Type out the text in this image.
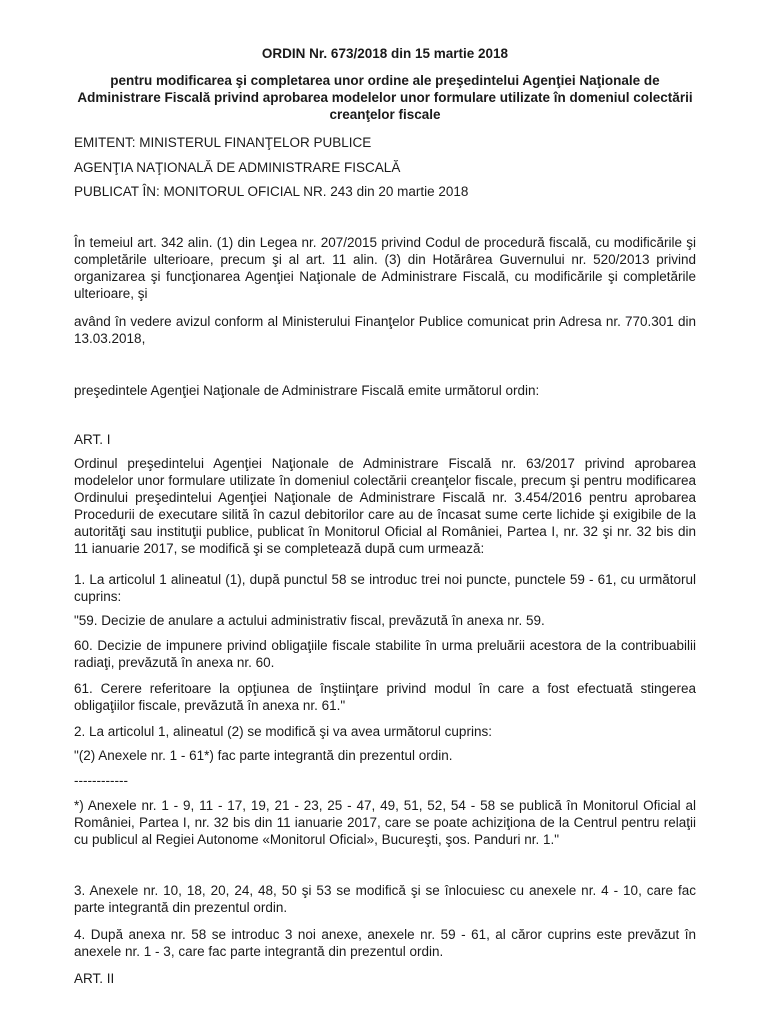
ORDIN Nr. 673/2018 din 15 martie 2018

pentru modificarea şi completarea unor ordine ale preşedintelui Agenţiei Naţionale de Administrare Fiscală privind aprobarea modelelor unor formulare utilizate în domeniul colectării creanţelor fiscale

EMITENT: MINISTERUL FINANŢELOR PUBLICE
AGENŢIA NAŢIONALĂ DE ADMINISTRARE FISCALĂ
PUBLICAT ÎN: MONITORUL OFICIAL NR. 243 din 20 martie 2018

În temeiul art. 342 alin. (1) din Legea nr. 207/2015 privind Codul de procedură fiscală, cu modificările şi completările ulterioare, precum şi al art. 11 alin. (3) din Hotărârea Guvernului nr. 520/2013 privind organizarea şi funcţionarea Agenţiei Naţionale de Administrare Fiscală, cu modificările şi completările ulterioare, şi

având în vedere avizul conform al Ministerului Finanţelor Publice comunicat prin Adresa nr. 770.301 din 13.03.2018,

preşedintele Agenţiei Naţionale de Administrare Fiscală emite următorul ordin:

ART. I

Ordinul preşedintelui Agenţiei Naţionale de Administrare Fiscală nr. 63/2017 privind aprobarea modelelor unor formulare utilizate în domeniul colectării creanţelor fiscale, precum şi pentru modificarea Ordinului preşedintelui Agenţiei Naţionale de Administrare Fiscală nr. 3.454/2016 pentru aprobarea Procedurii de executare silită în cazul debitorilor care au de încasat sume certe lichide şi exigibile de la autorităţi sau instituţii publice, publicat în Monitorul Oficial al României, Partea I, nr. 32 şi nr. 32 bis din 11 ianuarie 2017, se modifică şi se completează după cum urmează:

1. La articolul 1 alineatul (1), după punctul 58 se introduc trei noi puncte, punctele 59 - 61, cu următorul cuprins:

"59. Decizie de anulare a actului administrativ fiscal, prevăzută în anexa nr. 59.

60. Decizie de impunere privind obligaţiile fiscale stabilite în urma preluării acestora de la contribuabilii radiaţi, prevăzută în anexa nr. 60.

61. Cerere referitoare la opţiunea de înştiinţare privind modul în care a fost efectuată stingerea obligaţiilor fiscale, prevăzută în anexa nr. 61."

2. La articolul 1, alineatul (2) se modifică şi va avea următorul cuprins:

"(2) Anexele nr. 1 - 61*) fac parte integrantă din prezentul ordin.

------------

*) Anexele nr. 1 - 9, 11 - 17, 19, 21 - 23, 25 - 47, 49, 51, 52, 54 - 58 se publică în Monitorul Oficial al României, Partea I, nr. 32 bis din 11 ianuarie 2017, care se poate achiziţiona de la Centrul pentru relaţii cu publicul al Regiei Autonome «Monitorul Oficial», Bucureşti, şos. Panduri nr. 1."

3. Anexele nr. 10, 18, 20, 24, 48, 50 şi 53 se modifică şi se înlocuiesc cu anexele nr. 4 - 10, care fac parte integrantă din prezentul ordin.

4. După anexa nr. 58 se introduc 3 noi anexe, anexele nr. 59 - 61, al căror cuprins este prevăzut în anexele nr. 1 - 3, care fac parte integrantă din prezentul ordin.

ART. II
